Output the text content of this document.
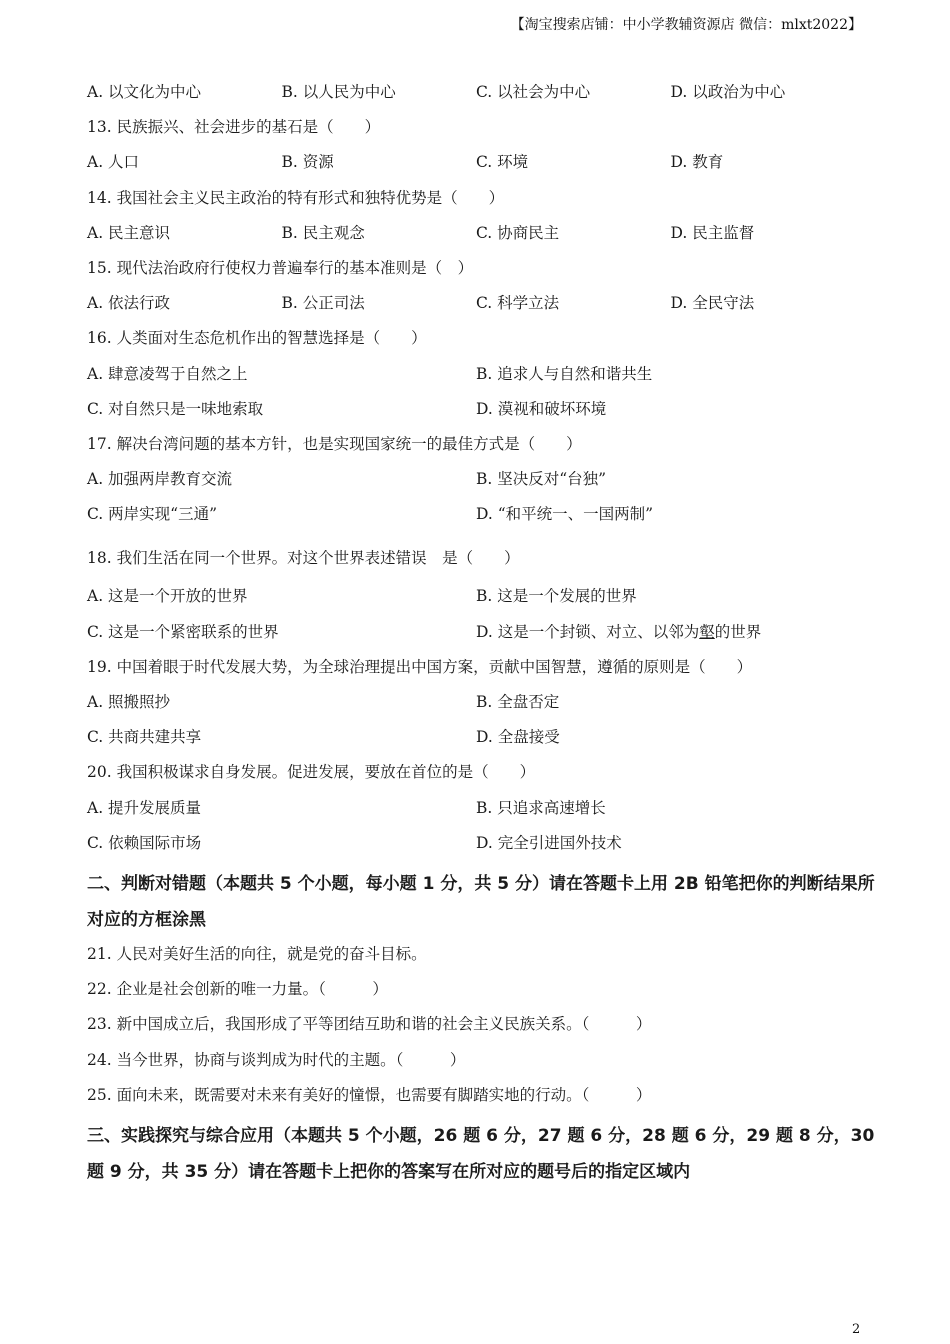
【淘宝搜索店铺：中小学教辅资源店 微信：mlxt2022】
A. 以文化为中心	B. 以人民为中心	C. 以社会为中心	D. 以政治为中心
13. 民族振兴、社会进步的基石是（　　）
A. 人口	B. 资源	C. 环境	D. 教育
14. 我国社会主义民主政治的特有形式和独特优势是（　　）
A. 民主意识	B. 民主观念	C. 协商民主	D. 民主监督
15. 现代法治政府行使权力普遍奉行的基本准则是（　）
A. 依法行政	B. 公正司法	C. 科学立法	D. 全民守法
16. 人类面对生态危机作出的智慧选择是（　　）
A. 肆意凌驾于自然之上	B. 追求人与自然和谐共生
C. 对自然只是一味地索取	D. 漠视和破坏环境
17. 解决台湾问题的基本方针，也是实现国家统一的最佳方式是（　　）
A. 加强两岸教育交流	B. 坚决反对“台独”
C. 两岸实现“三通”	D. “和平统一、一国两制”
18. 我们生活在同一个世界。对这个世界表述错误　是（　　）
A. 这是一个开放的世界	B. 这是一个发展的世界
C. 这是一个紧密联系的世界	D. 这是一个封锁、对立、以邻为壑的世界
19. 中国着眼于时代发展大势，为全球治理提出中国方案，贡献中国智慧，遵循的原则是（　　）
A. 照搬照抄	B. 全盘否定
C. 共商共建共享	D. 全盘接受
20. 我国积极谋求自身发展。促进发展，要放在首位的是（　　）
A. 提升发展质量	B. 只追求高速增长
C. 依赖国际市场	D. 完全引进国外技术
二、判断对错题（本题共 5 个小题，每小题 1 分，共 5 分）请在答题卡上用 2B 铅笔把你的判断结果所对应的方框涂黑
21. 人民对美好生活的向往，就是党的奋斗目标。
22. 企业是社会创新的唯一力量。（　　　）
23. 新中国成立后，我国形成了平等团结互助和谐的社会主义民族关系。（　　　）
24. 当今世界，协商与谈判成为时代的主题。（　　　）
25. 面向未来，既需要对未来有美好的憧憬，也需要有脚踏实地的行动。（　　　）
三、实践探究与综合应用（本题共 5 个小题，26 题 6 分，27 题 6 分，28 题 6 分，29 题 8 分，30 题 9 分，共 35 分）请在答题卡上把你的答案写在所对应的题号后的指定区域内
2
